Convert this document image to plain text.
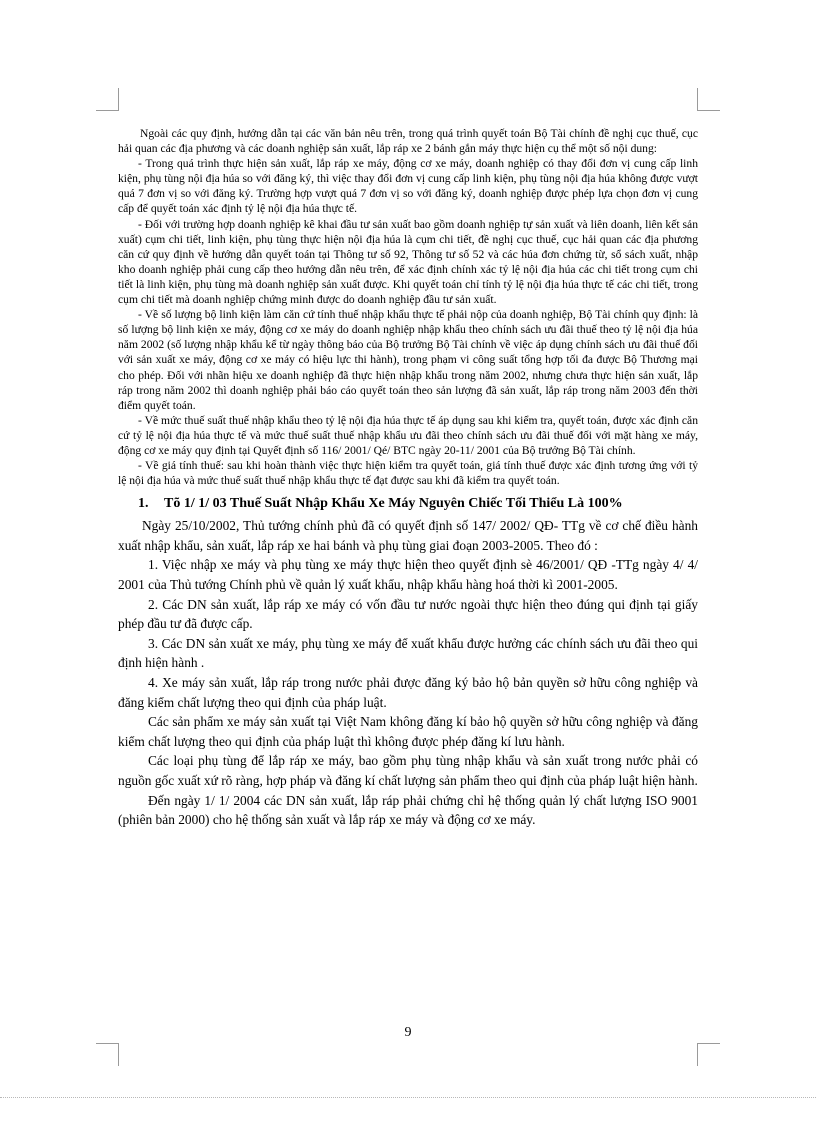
Ngoài các quy định, hướng dẫn tại các văn bản nêu trên, trong quá trình quyết toán Bộ Tài chính đề nghị cục thuế, cục hải quan các địa phương và các doanh nghiệp sản xuất, lắp ráp xe 2 bánh gắn máy thực hiện cụ thể một số nội dung:

- Trong quá trình thực hiện sản xuất, lắp ráp xe máy, động cơ xe máy, doanh nghiệp có thay đổi đơn vị cung cấp linh kiện, phụ tùng nội địa húa so với đăng ký, thì việc thay đổi đơn vị cung cấp linh kiện, phụ tùng nội địa húa không được vượt quá 7 đơn vị so với đăng ký. Trường hợp vượt quá 7 đơn vị so với đăng ký, doanh nghiệp được phép lựa chọn đơn vị cung cấp để quyết toán xác định tỷ lệ nội địa húa thực tế.

- Đối với trường hợp doanh nghiệp kê khai đầu tư sản xuất bao gồm doanh nghiệp tự sản xuất và liên doanh, liên kết sản xuất) cụm chi tiết, linh kiện, phụ tùng thực hiện nội địa húa là cụm chi tiết, đề nghị cục thuế, cục hải quan các địa phương căn cứ quy định về hướng dẫn quyết toán tại Thông tư số 92, Thông tư số 52 và các húa đơn chứng từ, sổ sách xuất, nhập kho doanh nghiệp phải cung cấp theo hướng dẫn nêu trên, để xác định chính xác tỷ lệ nội địa húa các chi tiết trong cụm chi tiết là linh kiện, phụ tùng mà doanh nghiệp sản xuất được. Khi quyết toán chỉ tính tỷ lệ nội địa húa thực tế các chi tiết, trong cụm chi tiết mà doanh nghiệp chứng minh được do doanh nghiệp đầu tư sản xuất.

- Về số lượng bộ linh kiện làm căn cứ tính thuế nhập khẩu thực tế phải nộp của doanh nghiệp, Bộ Tài chính quy định: là số lượng bộ linh kiện xe máy, động cơ xe máy do doanh nghiệp nhập khẩu theo chính sách ưu đãi thuế theo tỷ lệ nội địa húa năm 2002 (số lượng nhập khẩu kể từ ngày thông báo của Bộ trưởng Bộ Tài chính về việc áp dụng chính sách ưu đãi thuế đối với sản xuất xe máy, động cơ xe máy có hiệu lực thi hành), trong phạm vi công suất tổng hợp tối đa được Bộ Thương mại cho phép. Đối với nhãn hiệu xe doanh nghiệp đã thực hiện nhập khẩu trong năm 2002, nhưng chưa thực hiện sản xuất, lắp ráp trong năm 2002 thì doanh nghiệp phải báo cáo quyết toán theo sản lượng đã sản xuất, lắp ráp trong năm 2003 đến thời điểm quyết toán.

- Về mức thuế suất thuế nhập khẩu theo tỷ lệ nội địa húa thực tế áp dụng sau khi kiểm tra, quyết toán, được xác định căn cứ tỷ lệ nội địa húa thực tế và mức thuế suất thuế nhập khẩu ưu đãi theo chính sách ưu đãi thuế đối với mặt hàng xe máy, động cơ xe máy quy định tại Quyết định số 116/ 2001/ Qé/ BTC ngày 20-11/ 2001 của Bộ trưởng Bộ Tài chính.

- Về giá tính thuế: sau khi hoàn thành việc thực hiện kiểm tra quyết toán, giá tính thuế được xác định tương ứng với tỷ lệ nội địa húa và mức thuế suất thuế nhập khẩu thực tế đạt được sau khi đã kiểm tra quyết toán.

1. Tõ 1/ 1/ 03 Thuế Suất Nhập Khẩu Xe Máy Nguyên Chiếc Tối Thiểu Là 100%

Ngày 25/10/2002, Thủ tướng chính phủ đã có quyết định số 147/ 2002/ QĐ- TTg về cơ chế điều hành xuất nhập khẩu, sản xuất, lắp ráp xe hai bánh và phụ tùng giai đoạn 2003-2005. Theo đó :

1. Việc nhập xe máy và phụ tùng xe máy thực hiện theo quyết định sè 46/2001/ QĐ -TTg ngày 4/ 4/ 2001 của Thủ tướng Chính phủ về quản lý xuất khẩu, nhập khẩu hàng hoá thời kì 2001-2005.

2. Các DN sản xuất, lắp ráp xe máy có vốn đầu tư nước ngoài thực hiện theo đúng qui định tại giấy phép đầu tư đã được cấp.

3. Các DN sản xuất xe máy, phụ tùng xe máy để xuất khẩu được hưởng các chính sách ưu đãi theo qui định hiện hành .

4. Xe máy sản xuất, lắp ráp trong nước phải được đăng ký bảo hộ bản quyền sở hữu công nghiệp và đăng kiểm chất lượng theo qui định của pháp luật.

Các sản phẩm xe máy sản xuất tại Việt Nam không đăng kí bảo hộ quyền sở hữu công nghiệp và đăng kiểm chất lượng theo qui định của pháp luật thì không được phép đăng kí lưu hành.

Các loại phụ tùng để lắp ráp xe máy, bao gồm phụ tùng nhập khẩu và sản xuất trong nước phải có nguồn gốc xuất xứ rõ ràng, hợp pháp và đăng kí chất lượng sản phẩm theo qui định của pháp luật hiện hành.

Đến ngày 1/ 1/ 2004 các DN sản xuất, lắp ráp phải chứng chỉ hệ thống quản lý chất lượng ISO 9001 (phiên bản 2000) cho hệ thống sản xuất và lắp ráp xe máy và động cơ xe máy.

9
